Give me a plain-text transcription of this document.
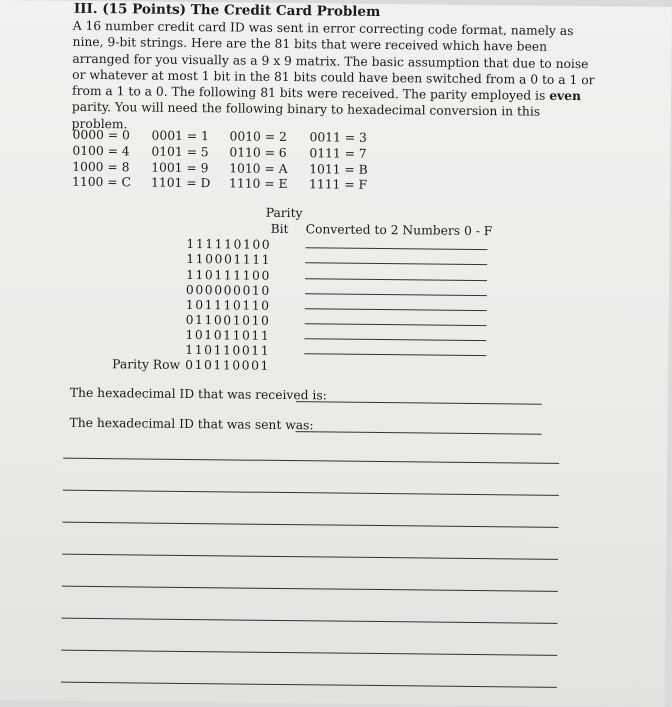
III. (15 Points) The Credit Card Problem
A 16 number credit card ID was sent in error correcting code format, namely as nine, 9-bit strings. Here are the 81 bits that were received which have been arranged for you visually as a 9 x 9 matrix. The basic assumption that due to noise or whatever at most 1 bit in the 81 bits could have been switched from a 0 to a 1 or from a 1 to a 0. The following 81 bits were received. The parity employed is even parity. You will need the following binary to hexadecimal conversion in this problem.
0000 = 0 0001 = 1 0010 = 2 0011 = 3
0100 = 4 0101 = 5 0110 = 6 0111 = 7
1000 = 8 1001 = 9 1010 = A 1011 = B
1100 = C 1101 = D 1110 = E 1111 = F
Parity
Bit Converted to 2 Numbers 0 - F
111110100
110001111
110111100
000000010
101110110
011001010
101011011
110110011
Parity Row 010110001
The hexadecimal ID that was received is:
The hexadecimal ID that was sent was:
